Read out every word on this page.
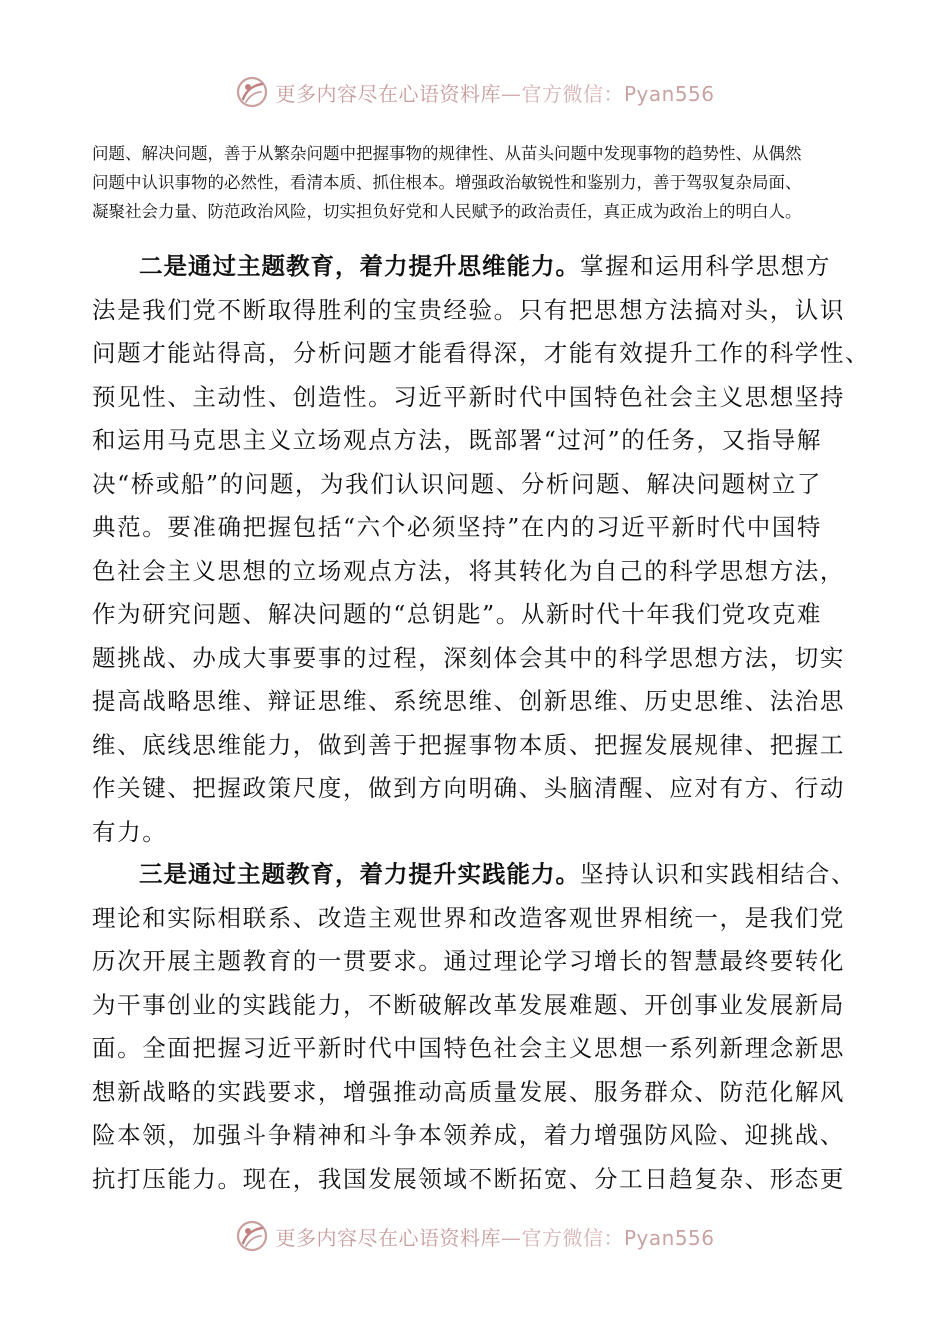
更多内容尽在心语资料库—官方微信：Pyan556
问题、解决问题，善于从繁杂问题中把握事物的规律性、从苗头问题中发现事物的趋势性、从偶然
问题中认识事物的必然性，看清本质、抓住根本。增强政治敏锐性和鉴别力，善于驾驭复杂局面、
凝聚社会力量、防范政治风险，切实担负好党和人民赋予的政治责任，真正成为政治上的明白人。
二是通过主题教育，着力提升思维能力。掌握和运用科学思想方
法是我们党不断取得胜利的宝贵经验。只有把思想方法搞对头，认识
问题才能站得高，分析问题才能看得深，才能有效提升工作的科学性、
预见性、主动性、创造性。习近平新时代中国特色社会主义思想坚持
和运用马克思主义立场观点方法，既部署“过河”的任务，又指导解
决“桥或船”的问题，为我们认识问题、分析问题、解决问题树立了
典范。要准确把握包括“六个必须坚持”在内的习近平新时代中国特
色社会主义思想的立场观点方法，将其转化为自己的科学思想方法，
作为研究问题、解决问题的“总钥匙”。从新时代十年我们党攻克难
题挑战、办成大事要事的过程，深刻体会其中的科学思想方法，切实
提高战略思维、辩证思维、系统思维、创新思维、历史思维、法治思
维、底线思维能力，做到善于把握事物本质、把握发展规律、把握工
作关键、把握政策尺度，做到方向明确、头脑清醒、应对有方、行动
有力。
三是通过主题教育，着力提升实践能力。坚持认识和实践相结合、
理论和实际相联系、改造主观世界和改造客观世界相统一，是我们党
历次开展主题教育的一贯要求。通过理论学习增长的智慧最终要转化
为干事创业的实践能力，不断破解改革发展难题、开创事业发展新局
面。全面把握习近平新时代中国特色社会主义思想一系列新理念新思
想新战略的实践要求，增强推动高质量发展、服务群众、防范化解风
险本领，加强斗争精神和斗争本领养成，着力增强防风险、迎挑战、
抗打压能力。现在，我国发展领域不断拓宽、分工日趋复杂、形态更
更多内容尽在心语资料库—官方微信：Pyan556
